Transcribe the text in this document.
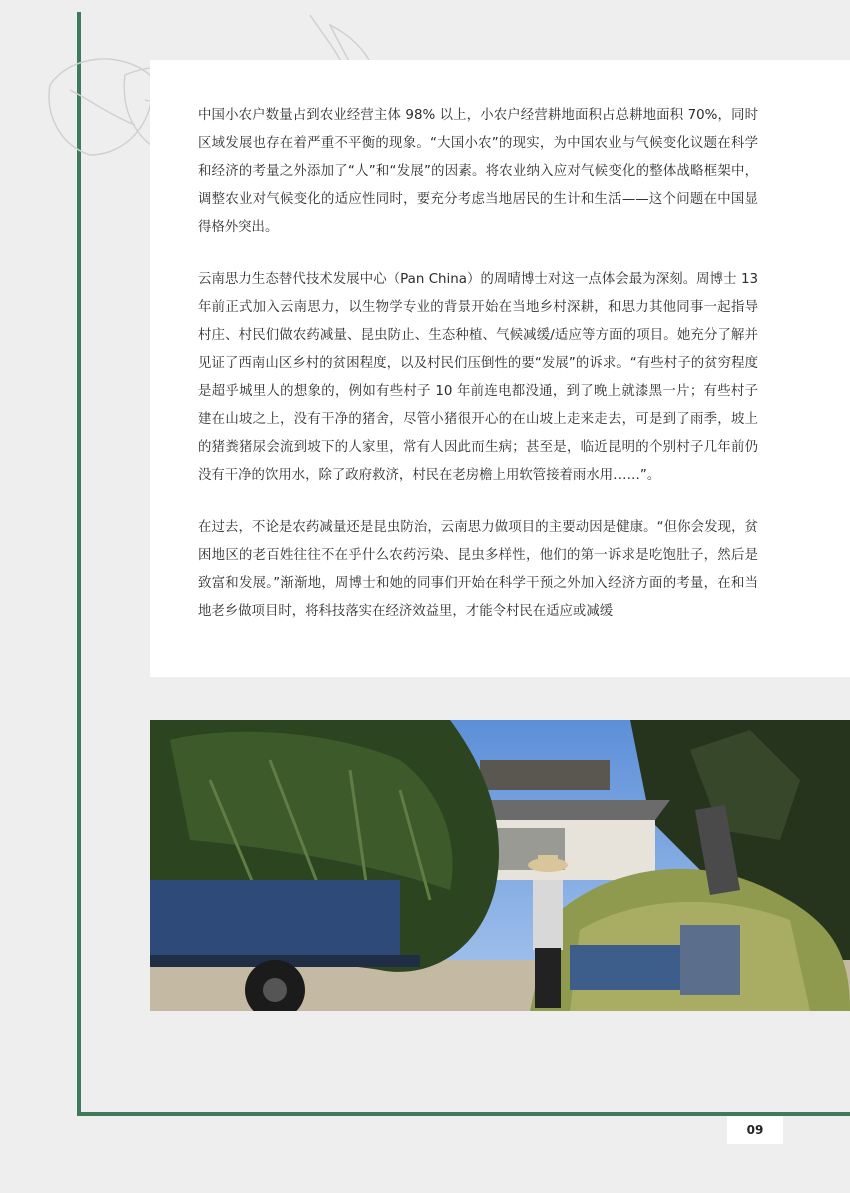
中国小农户数量占到农业经营主体 98% 以上，小农户经营耕地面积占总耕地面积 70%，同时区域发展也存在着严重不平衡的现象。“大国小农”的现实，为中国农业与气候变化议题在科学和经济的考量之外添加了“人”和“发展”的因素。将农业纳入应对气候变化的整体战略框架中，调整农业对气候变化的适应性同时，要充分考虑当地居民的生计和生活——这个问题在中国显得格外突出。

云南思力生态替代技术发展中心（Pan China）的周晴博士对这一点体会最为深刻。周博士 13 年前正式加入云南思力，以生物学专业的背景开始在当地乡村深耕，和思力其他同事一起指导村庄、村民们做农药减量、昆虫防止、生态种植、气候减缓/适应等方面的项目。她充分了解并见证了西南山区乡村的贫困程度，以及村民们压倒性的要“发展”的诉求。“有些村子的贫穷程度是超乎城里人的想象的，例如有些村子 10 年前连电都没通，到了晚上就漆黑一片；有些村子建在山坡之上，没有干净的猪舍，尽管小猪很开心的在山坡上走来走去，可是到了雨季，坡上的猪粪猪尿会流到坡下的人家里，常有人因此而生病；甚至是，临近昆明的个别村子几年前仍没有干净的饮用水，除了政府救济，村民在老房檐上用软管接着雨水用……”。

在过去，不论是农药减量还是昆虫防治，云南思力做项目的主要动因是健康。“但你会发现，贫困地区的老百姓往往不在乎什么农药污染、昆虫多样性，他们的第一诉求是吃饱肚子，然后是致富和发展。”渐渐地，周博士和她的同事们开始在科学干预之外加入经济方面的考量，在和当地老乡做项目时，将科技落实在经济效益里，才能令村民在适应或减缓

09
